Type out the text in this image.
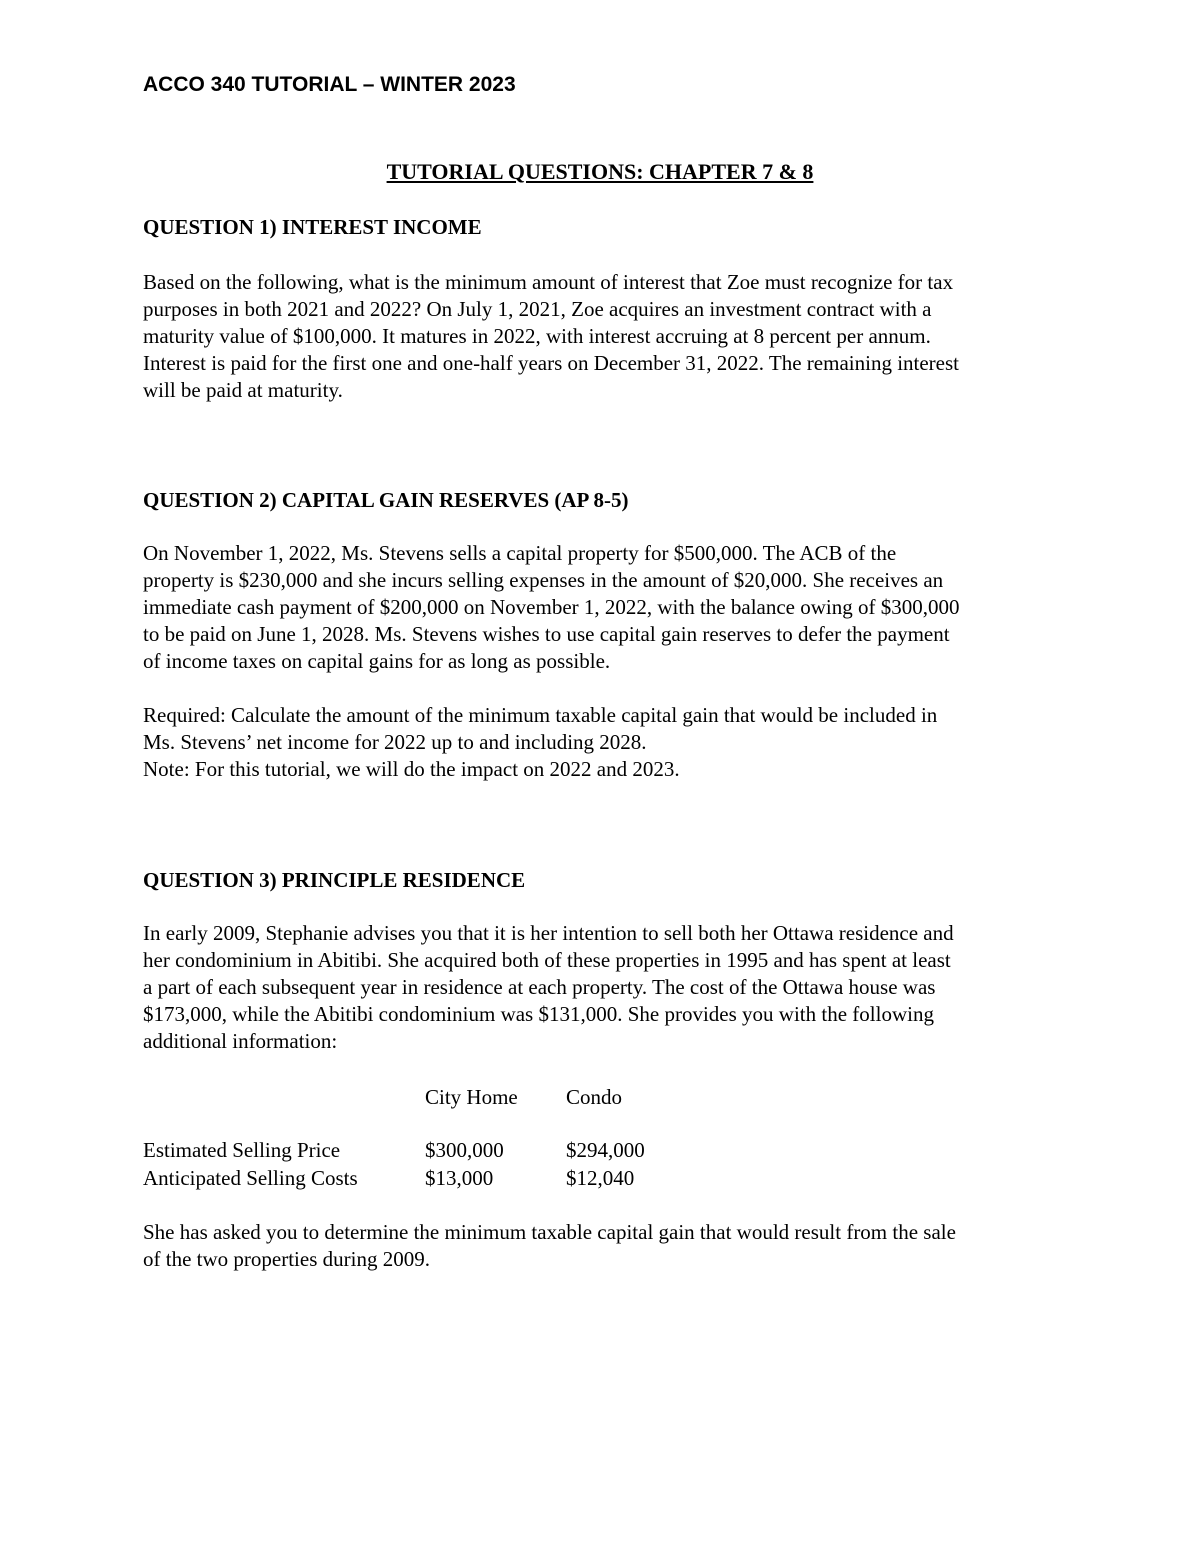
ACCO 340 TUTORIAL – WINTER 2023
TUTORIAL QUESTIONS: CHAPTER 7 & 8
QUESTION 1) INTEREST INCOME
Based on the following, what is the minimum amount of interest that Zoe must recognize for tax
purposes in both 2021 and 2022? On July 1, 2021, Zoe acquires an investment contract with a
maturity value of $100,000. It matures in 2022, with interest accruing at 8 percent per annum.
Interest is paid for the first one and one-half years on December 31, 2022. The remaining interest
will be paid at maturity.
QUESTION 2) CAPITAL GAIN RESERVES (AP 8-5)
On November 1, 2022, Ms. Stevens sells a capital property for $500,000. The ACB of the
property is $230,000 and she incurs selling expenses in the amount of $20,000. She receives an
immediate cash payment of $200,000 on November 1, 2022, with the balance owing of $300,000
to be paid on June 1, 2028. Ms. Stevens wishes to use capital gain reserves to defer the payment
of income taxes on capital gains for as long as possible.
Required: Calculate the amount of the minimum taxable capital gain that would be included in
Ms. Stevens’ net income for 2022 up to and including 2028.
Note: For this tutorial, we will do the impact on 2022 and 2023.
QUESTION 3) PRINCIPLE RESIDENCE
In early 2009, Stephanie advises you that it is her intention to sell both her Ottawa residence and
her condominium in Abitibi. She acquired both of these properties in 1995 and has spent at least
a part of each subsequent year in residence at each property. The cost of the Ottawa house was
$173,000, while the Abitibi condominium was $131,000. She provides you with the following
additional information:
	City Home	Condo

Estimated Selling Price	$300,000	$294,000
Anticipated Selling Costs	$13,000	$12,040
She has asked you to determine the minimum taxable capital gain that would result from the sale
of the two properties during 2009.
